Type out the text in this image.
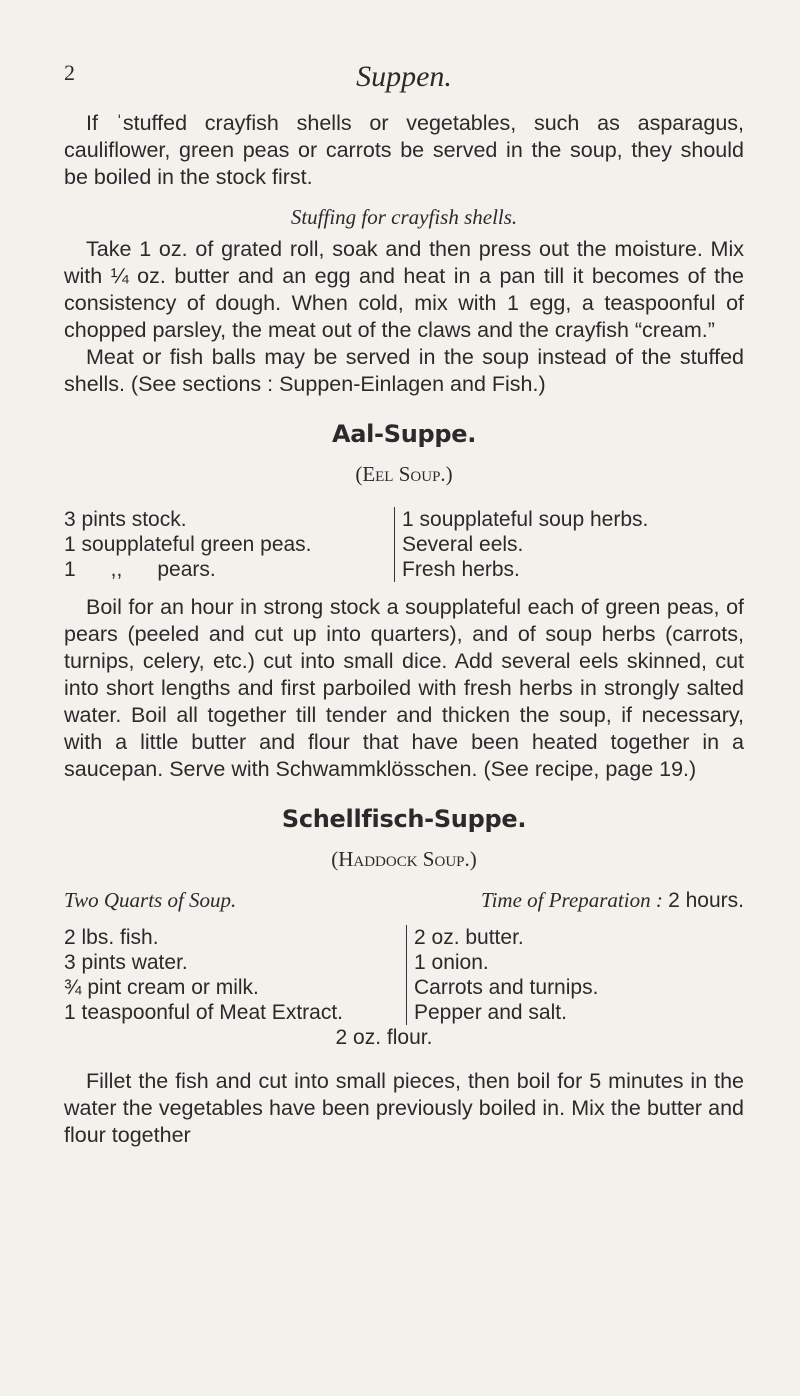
2	Suppen.

If ˈstuffed crayfish shells or vegetables, such as asparagus, cauliflower, green peas or carrots be served in the soup, they should be boiled in the stock first.

Stuffing for crayfish shells.

Take 1 oz. of grated roll, soak and then press out the moisture. Mix with ¼ oz. butter and an egg and heat in a pan till it becomes of the consistency of dough. When cold, mix with 1 egg, a teaspoonful of chopped parsley, the meat out of the claws and the crayfish “cream.”

Meat or fish balls may be served in the soup instead of the stuffed shells. (See sections : Suppen-Einlagen and Fish.)

Aal-Suppe.
(Eel Soup.)
3 pints stock.
1 soupplateful green peas.
1      ,,      pears.
1 soupplateful soup herbs.
Several eels.
Fresh herbs.

Boil for an hour in strong stock a soupplateful each of green peas, of pears (peeled and cut up into quarters), and of soup herbs (carrots, turnips, celery, etc.) cut into small dice. Add several eels skinned, cut into short lengths and first parboiled with fresh herbs in strongly salted water. Boil all together till tender and thicken the soup, if necessary, with a little butter and flour that have been heated together in a saucepan. Serve with Schwammklösschen. (See recipe, page 19.)

Schellfisch-Suppe.
(Haddock Soup.)
Two Quarts of Soup.	Time of Preparation : 2 hours.
2 lbs. fish.
3 pints water.
¾ pint cream or milk.
1 teaspoonful of Meat Extract.
2 oz. butter.
1 onion.
Carrots and turnips.
Pepper and salt.
2 oz. flour.

Fillet the fish and cut into small pieces, then boil for 5 minutes in the water the vegetables have been previously boiled in. Mix the butter and flour together
